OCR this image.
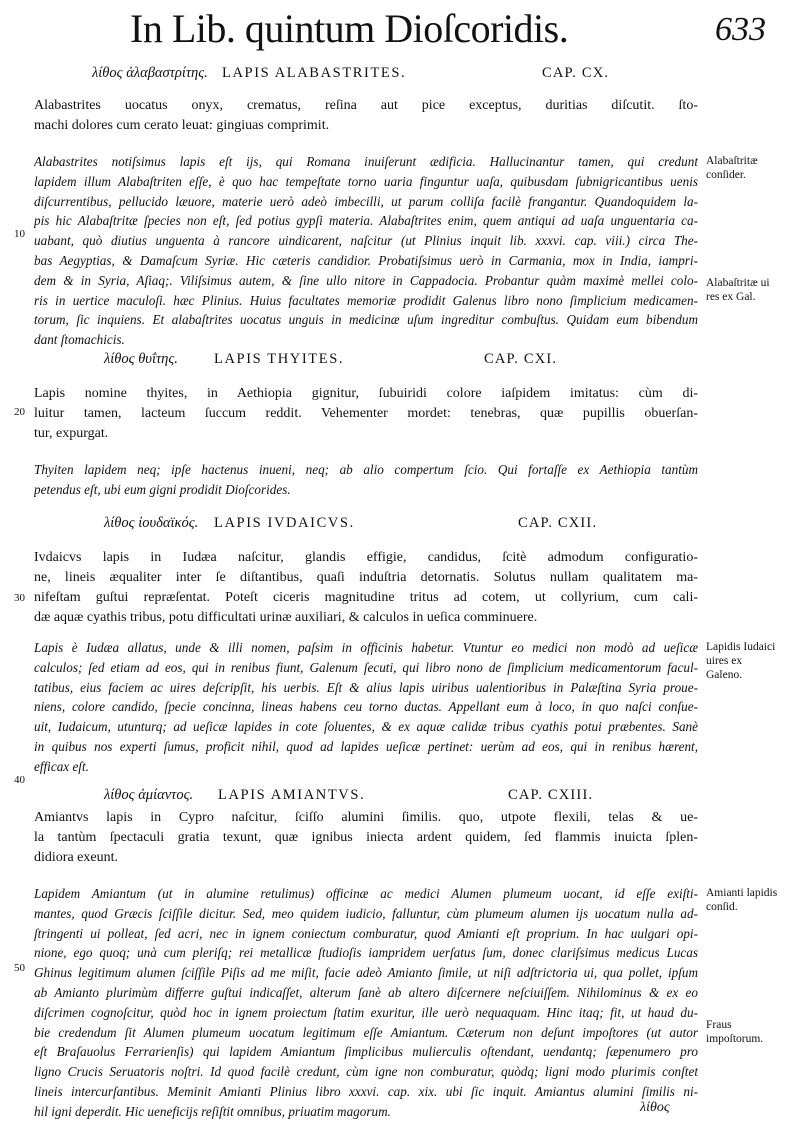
In Lib. quintum Dioſcoridis.	633
λίθος ἀλαβαστρίτης. LAPIS ALABASTRITES.	CAP. CX.
Alabastrites uocatus onyx, crematus, reſina aut pice exceptus, duritias diſcutit. ſto-
machi dolores cum cerato leuat: gingiuas comprimit.
Alabastrites notiſsimus lapis eſt ijs, qui Romana inuiſerunt ædificia. Hallucinantur tamen, qui credunt
lapidem illum Alabaſtriten eſſe, è quo hac tempeſtate torno uaria finguntur uaſa, quibusdam ſubnigricantibus uenis
diſcurrentibus, pellucido læuore, materie uerò adeò imbecilli, ut parum colliſa facilè frangantur. Quandoquidem la-
pis hic Alabaſtritæ ſpecies non eſt, ſed potius gypſi materia. Alabaſtrites enim, quem antiqui ad uaſa unguentaria ca-
uabant, quò diutius unguenta à rancore uindicarent, naſcitur (ut Plinius inquit lib. xxxvi. cap. viii.) circa The-
bas Aegyptias, & Damaſcum Syriæ. Hic cæteris candidior. Probatiſsimus uerò in Carmania, mox in India, iampri-
dem & in Syria, Aſiaq;. Viliſsimus autem, & ſine ullo nitore in Cappadocia. Probantur quàm maximè mellei colo-
ris in uertice maculoſi. hæc Plinius. Huius facultates memoriæ prodidit Galenus libro nono ſimplicium medicamen-
torum, ſic inquiens. Et alabaſtrites uocatus unguis in medicinæ uſum ingreditur combuſtus. Quidam eum bibendum
dant ſtomachicis.
Alabaſtritæ conſider.
Alabaſtritæ ui res ex Gal.
λίθος θυΐτης. LAPIS THYITES.	CAP. CXI.
Lapis nomine thyites, in Aethiopia gignitur, ſubuiridi colore iaſpidem imitatus: cùm di-
luitur tamen, lacteum ſuccum reddit. Vehementer mordet: tenebras, quæ pupillis obuerſan-
tur, expurgat.
Thyiten lapidem neq; ipſe hactenus inueni, neq; ab alio compertum ſcio. Qui fortaſſe ex Aethiopia tantùm
petendus eſt, ubi eum gigni prodidit Dioſcorides.
λίθος ἰουδαϊκός. LAPIS IVDAICVS.	CAP. CXII.
Ivdaicvs lapis in Iudæa naſcitur, glandis effigie, candidus, ſcitè admodum configuratio-
ne, lineis æqualiter inter ſe diſtantibus, quaſi induſtria detornatis. Solutus nullam qualitatem ma-
nifeſtam guſtui repræſentat. Poteſt ciceris magnitudine tritus ad cotem, ut collyrium, cum cali-
dæ aquæ cyathis tribus, potu difficultati urinæ auxiliari, & calculos in ueſica comminuere.
Lapis è Iudæa allatus, unde & illi nomen, paſsim in officinis habetur. Vtuntur eo medici non modò ad ueſicæ
calculos; ſed etiam ad eos, qui in renibus fiunt, Galenum ſecuti, qui libro nono de ſimplicium medicamentorum facul-
tatibus, eius faciem ac uires deſcripſit, his uerbis. Eſt & alius lapis uiribus ualentioribus in Palæſtina Syria proue-
niens, colore candido, ſpecie concinna, lineas habens ceu torno ductas. Appellant eum à loco, in quo naſci conſue-
uit, Iudaicum, utunturq; ad ueſicæ lapides in cote ſoluentes, & ex aquæ calidæ tribus cyathis potui præbentes. Sanè
in quibus nos experti ſumus, proficit nihil, quod ad lapides ueſicæ pertinet: uerùm ad eos, qui in renibus hærent,
efficax eſt.
Lapidis Iudaici uires ex Galeno.
λίθος ἀμίαντος. LAPIS AMIANTVS.	CAP. CXIII.
Amiantvs lapis in Cypro naſcitur, ſciſſo alumini ſimilis. quo, utpote flexili, telas & ue-
la tantùm ſpectaculi gratia texunt, quæ ignibus iniecta ardent quidem, ſed flammis inuicta ſplen-
didiora exeunt.
Lapidem Amiantum (ut in alumine retulimus) officinæ ac medici Alumen plumeum uocant, id eſſe exiſti-
mantes, quod Græcis ſciſſile dicitur. Sed, meo quidem iudicio, falluntur, cùm plumeum alumen ijs uocatum nulla ad-
ſtringenti ui polleat, ſed acri, nec in ignem coniectum comburatur, quod Amianti eſt proprium. In hac uulgari opi-
nione, ego quoq; unà cum pleriſq; rei metallicæ ſtudioſis iampridem uerſatus ſum, donec clariſsimus medicus Lucas
Ghinus legitimum alumen ſciſſile Piſis ad me miſit, facie adeò Amianto ſimile, ut niſi adſtrictoria ui, qua pollet, ipſum
ab Amianto plurimùm differre guſtui indicaſſet, alterum ſanè ab altero diſcernere neſciuiſſem. Nihilominus & ex eo
diſcrimen cognoſcitur, quòd hoc in ignem proiectum ſtatim exuritur, ille uerò nequaquam. Hinc itaq; fit, ut haud du-
bie credendum ſit Alumen plumeum uocatum legitimum eſſe Amiantum. Cæterum non deſunt impoſtores (ut autor
eſt Braſauolus Ferrarienſis) qui lapidem Amiantum ſimplicibus mulierculis oſtendant, uendantq; ſæpenumero pro
ligno Crucis Seruatoris noſtri. Id quod facilè credunt, cùm igne non comburatur, quòdq; ligni modo plurimis conſtet
lineis intercurſantibus. Meminit Amianti Plinius libro xxxvi. cap. xix. ubi ſic inquit. Amiantus alumini ſimilis ni-
hil igni deperdit. Hic ueneficijs reſiſtit omnibus, priuatim magorum.
Amianti lapidis conſid.
Fraus impoſtorum.
10
20
30
40
50
λίθος
